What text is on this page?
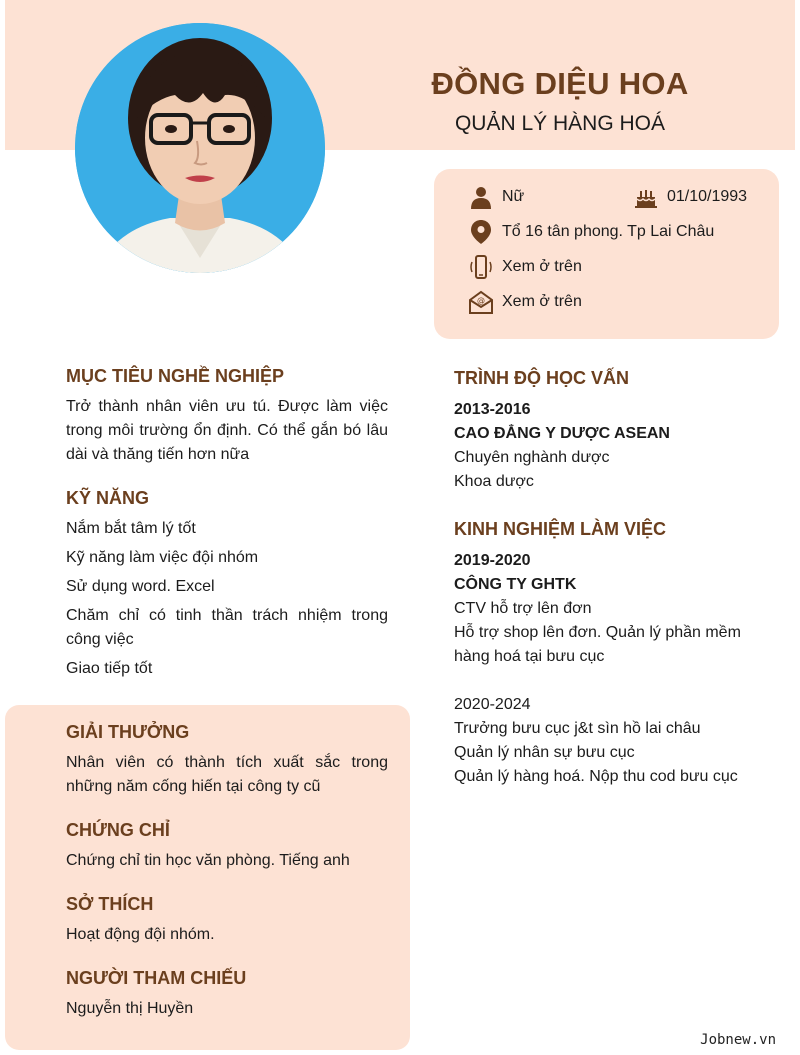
ĐỒNG DIỆU HOA
QUẢN LÝ HÀNG HOÁ
Nữ	01/10/1993
Tổ 16 tân phong. Tp Lai Châu
Xem ở trên
@ Xem ở trên
MỤC TIÊU NGHỀ NGHIỆP

Trở thành nhân viên ưu tú. Được làm việc trong môi trường ổn định. Có thể gắn bó lâu dài và thăng tiến hơn nữa

KỸ NĂNG

Nắm bắt tâm lý tốt

Kỹ năng làm việc đội nhóm

Sử dụng word. Excel

Chăm chỉ có tinh thần trách nhiệm trong công việc

Giao tiếp tốt

GIẢI THƯỞNG

Nhân viên có thành tích xuất sắc trong những năm cống hiến tại công ty cũ

CHỨNG CHỈ

Chứng chỉ tin học văn phòng. Tiếng anh

SỞ THÍCH

Hoạt động đội nhóm.

NGƯỜI THAM CHIẾU

Nguyễn thị Huyền

TRÌNH ĐỘ HỌC VẤN

2013-2016

CAO ĐẲNG Y DƯỢC ASEAN

Chuyên nghành dược

Khoa dược

KINH NGHIỆM LÀM VIỆC

2019-2020

CÔNG TY GHTK

CTV hỗ trợ lên đơn

Hỗ trợ shop lên đơn. Quản lý phần mềm hàng hoá tại bưu cục

2020-2024

Trưởng bưu cục j&t sìn hồ lai châu

Quản lý nhân sự bưu cục

Quản lý hàng hoá. Nộp thu cod bưu cục

Jobnew.vn
